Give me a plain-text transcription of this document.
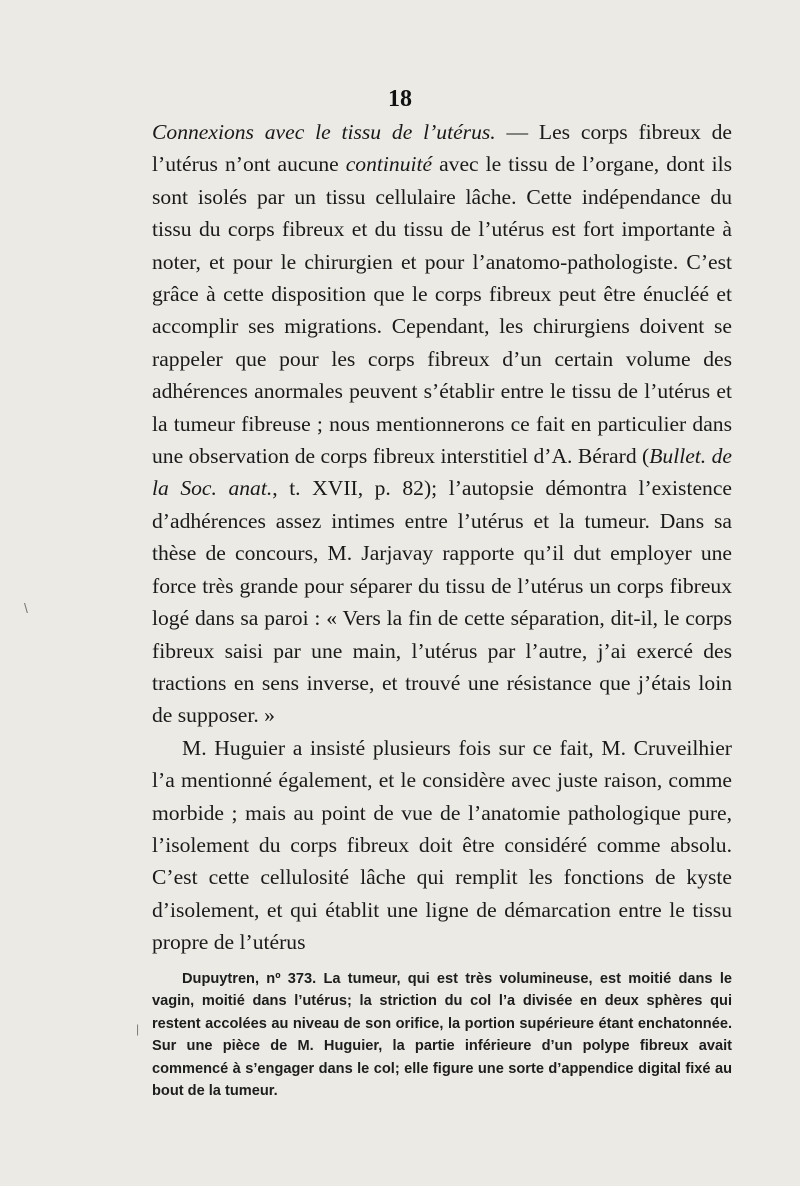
18

Connexions avec le tissu de l’utérus. — Les corps fibreux de l’utérus n’ont aucune continuité avec le tissu de l’organe, dont ils sont isolés par un tissu cellulaire lâche. Cette indépendance du tissu du corps fibreux et du tissu de l’utérus est fort importante à noter, et pour le chirurgien et pour l’anatomo-pathologiste. C’est grâce à cette disposition que le corps fibreux peut être énucléé et accomplir ses migrations. Cependant, les chirurgiens doivent se rappeler que pour les corps fibreux d’un certain volume des adhérences anormales peuvent s’établir entre le tissu de l’utérus et la tumeur fibreuse ; nous mentionnerons ce fait en particulier dans une observation de corps fibreux interstitiel d’A. Bérard (Bullet. de la Soc. anat., t. XVII, p. 82); l’autopsie démontra l’existence d’adhérences assez intimes entre l’utérus et la tumeur. Dans sa thèse de concours, M. Jarjavay rapporte qu’il dut employer une force très grande pour séparer du tissu de l’utérus un corps fibreux logé dans sa paroi : « Vers la fin de cette séparation, dit-il, le corps fibreux saisi par une main, l’utérus par l’autre, j’ai exercé des tractions en sens inverse, et trouvé une résistance que j’étais loin de supposer. »

M. Huguier a insisté plusieurs fois sur ce fait, M. Cruveilhier l’a mentionné également, et le considère avec juste raison, comme morbide ; mais au point de vue de l’anatomie pathologique pure, l’isolement du corps fibreux doit être considéré comme absolu. C’est cette cellulosité lâche qui remplit les fonctions de kyste d’isolement, et qui établit une ligne de démarcation entre le tissu propre de l’utérus

Dupuytren, nº 373. La tumeur, qui est très volumineuse, est moitié dans le vagin, moitié dans l’utérus; la striction du col l’a divisée en deux sphères qui restent accolées au niveau de son orifice, la portion supérieure étant enchatonnée. Sur une pièce de M. Huguier, la partie inférieure d’un polype fibreux avait commencé à s’engager dans le col; elle figure une sorte d’appendice digital fixé au bout de la tumeur.

\
|
